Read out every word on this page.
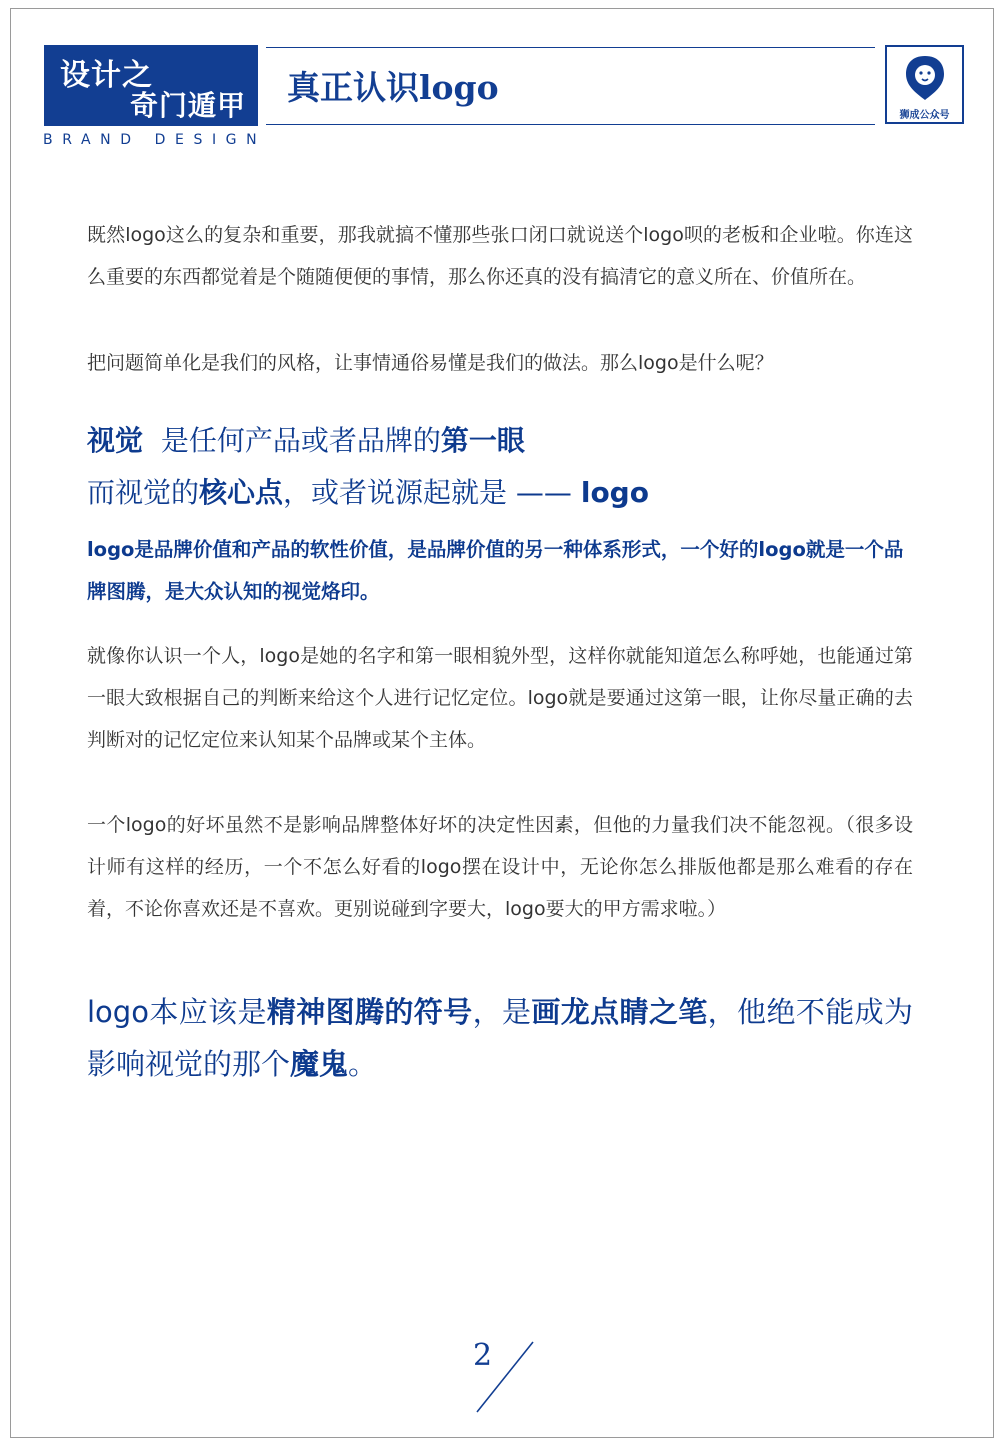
设计之
奇门遁甲
BRAND DESIGN
真正认识logo
狮成公众号

既然logo这么的复杂和重要，那我就搞不懂那些张口闭口就说送个logo呗的老板和企业啦。你连这么重要的东西都觉着是个随随便便的事情，那么你还真的没有搞清它的意义所在、价值所在。

把问题简单化是我们的风格，让事情通俗易懂是我们的做法。那么logo是什么呢？

视觉  是任何产品或者品牌的第一眼
而视觉的核心点，或者说源起就是 —— logo

logo是品牌价值和产品的软性价值，是品牌价值的另一种体系形式，一个好的logo就是一个品牌图腾，是大众认知的视觉烙印。

就像你认识一个人，logo是她的名字和第一眼相貌外型，这样你就能知道怎么称呼她，也能通过第一眼大致根据自己的判断来给这个人进行记忆定位。logo就是要通过这第一眼，让你尽量正确的去判断对的记忆定位来认知某个品牌或某个主体。

一个logo的好坏虽然不是影响品牌整体好坏的决定性因素，但他的力量我们决不能忽视。（很多设计师有这样的经历，一个不怎么好看的logo摆在设计中，无论你怎么排版他都是那么难看的存在着，不论你喜欢还是不喜欢。更别说碰到字要大，logo要大的甲方需求啦。）

logo本应该是精神图腾的符号，是画龙点睛之笔，他绝不能成为影响视觉的那个魔鬼。

2
